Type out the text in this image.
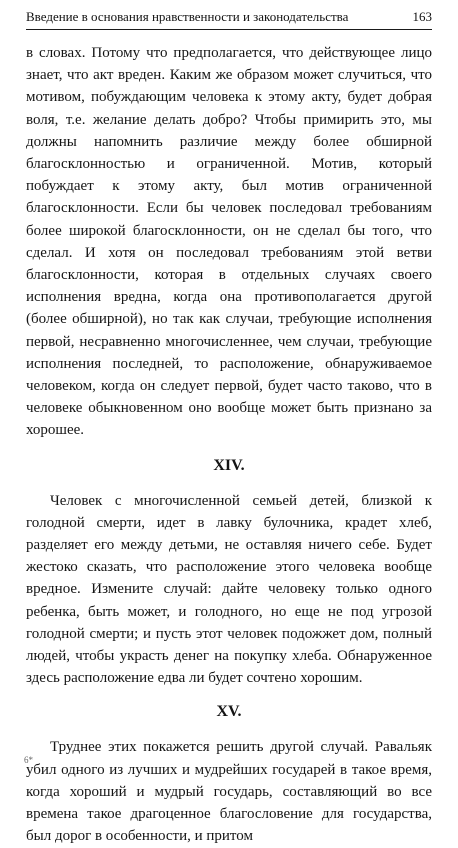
Введение в основания нравственности и законодательства	163

в словах. Потому что предполагается, что действующее лицо знает, что акт вреден. Каким же образом может случиться, что мотивом, побуждающим человека к этому акту, будет добрая воля, т.е. желание делать добро? Чтобы примирить это, мы должны напомнить различие между более обширной благосклонностью и ограниченной. Мотив, который побуждает к этому акту, был мотив ограниченной благосклонности. Если бы человек последовал требованиям более широкой благосклонности, он не сделал бы того, что сделал. И хотя он последовал требованиям этой ветви благосклонности, которая в отдельных случаях своего исполнения вредна, когда она противополагается другой (более обширной), но так как случаи, требующие исполнения первой, несравненно многочисленнее, чем случаи, требующие исполнения последней, то расположение, обнаруживаемое человеком, когда он следует первой, будет часто таково, что в человеке обыкновенном оно вообще может быть признано за хорошее.

XIV.

Человек с многочисленной семьей детей, близкой к голодной смерти, идет в лавку булочника, крадет хлеб, разделяет его между детьми, не оставляя ничего себе. Будет жестоко сказать, что расположение этого человека вообще вредное. Измените случай: дайте человеку только одного ребенка, быть может, и голодного, но еще не под угрозой голодной смерти; и пусть этот человек подожжет дом, полный людей, чтобы украсть денег на покупку хлеба. Обнаруженное здесь расположение едва ли будет сочтено хорошим.

XV.

Труднее этих покажется решить другой случай. Равальяк убил одного из лучших и мудрейших государей в такое время, когда хороший и мудрый государь, составляющий во все времена такое драгоценное благословение для государства, был дорог в особенности, и притом

6*
